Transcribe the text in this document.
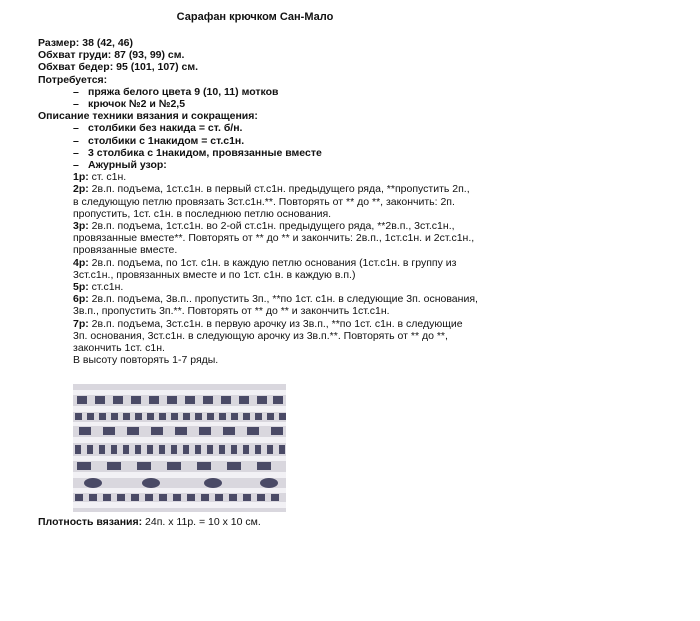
Сарафан крючком Сан-Мало
Размер: 38 (42, 46)
Обхват груди: 87 (93, 99) см.
Обхват бедер: 95 (101, 107) см.
Потребуется:
– пряжа белого цвета 9 (10, 11) мотков
– крючок №2 и №2,5
Описание техники вязания и сокращения:
– столбики без накида = ст. б/н.
– столбики с 1накидом = ст.с1н.
– 3 столбика с 1накидом, провязанные вместе
– Ажурный узор:
1р: ст. с1н.
2р: 2в.п. подъема, 1ст.с1н. в первый ст.с1н. предыдущего ряда, **пропустить 2п., в следующую петлю провязать 3ст.с1н.**. Повторять от ** до **, закончить: 2п. пропустить, 1ст. с1н. в последнюю петлю основания.
3р: 2в.п. подъема, 1ст.с1н. во 2-ой ст.с1н. предыдущего ряда, **2в.п., 3ст.с1н., провязанные вместе**. Повторять от ** до ** и закончить: 2в.п., 1ст.с1н. и 2ст.с1н., провязанные вместе.
4р: 2в.п. подъема, по 1ст. с1н. в каждую петлю основания (1ст.с1н. в группу из 3ст.с1н., провязанных вместе и по 1ст. с1н. в каждую в.п.)
5р: ст.с1н.
6р: 2в.п. подъема, 3в.п.. пропустить 3п., **по 1ст. с1н. в следующие 3п. основания, 3в.п., пропустить 3п.**. Повторять от ** до ** и закончить 1ст.с1н.
7р: 2в.п. подъема, 3ст.с1н. в первую арочку из 3в.п., **по 1ст. с1н. в следующие 3п. основания, 3ст.с1н. в следующую арочку из 3в.п.**. Повторять от ** до **, закончить 1ст. с1н.
В высоту повторять 1-7 ряды.
Плотность вязания: 24п. х 11р. = 10 х 10 см.
